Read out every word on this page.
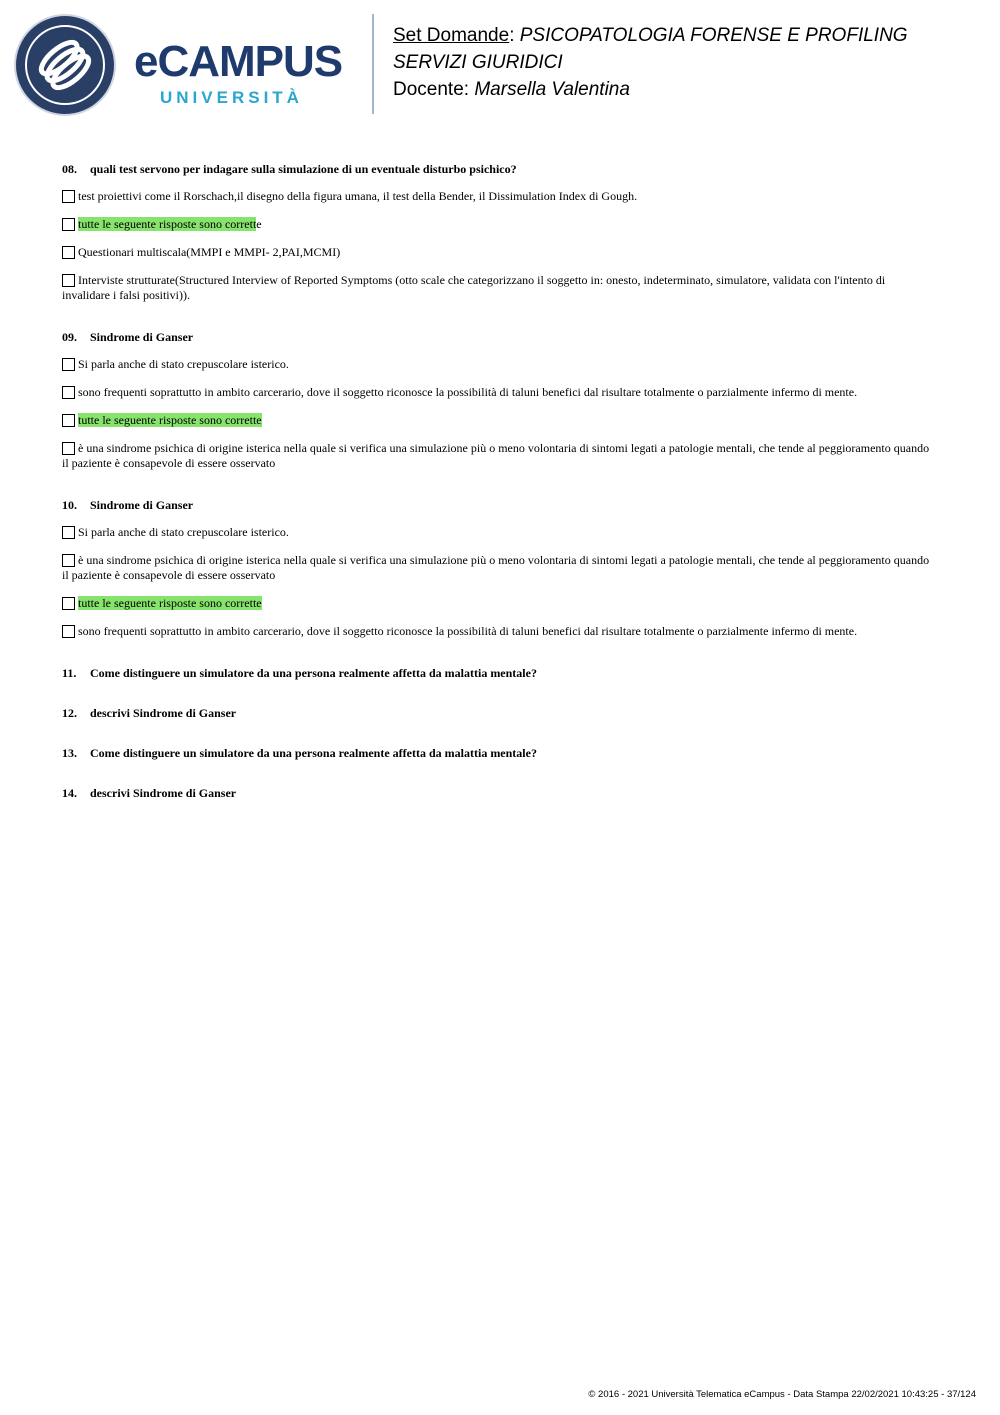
eCAMPUS
UNIVERSITÀ
Set Domande: PSICOPATOLOGIA FORENSE E PROFILING SERVIZI GIURIDICI
Docente: Marsella Valentina
08. quali test servono per indagare sulla simulazione di un eventuale disturbo psichico?
test proiettivi come il Rorschach,il disegno della figura umana, il test della Bender, il Dissimulation Index di Gough.
tutte le seguente risposte sono corrette
Questionari multiscala(MMPI e MMPI- 2,PAI,MCMI)
Interviste strutturate(Structured Interview of Reported Symptoms (otto scale che categorizzano il soggetto in: onesto, indeterminato, simulatore, validata con l'intento di invalidare i falsi positivi)).
09. Sindrome di Ganser
Si parla anche di stato crepuscolare isterico.
sono frequenti soprattutto in ambito carcerario, dove il soggetto riconosce la possibilità di taluni benefici dal risultare totalmente o parzialmente infermo di mente.
tutte le seguente risposte sono corrette
è una sindrome psichica di origine isterica nella quale si verifica una simulazione più o meno volontaria di sintomi legati a patologie mentali, che tende al peggioramento quando il paziente è consapevole di essere osservato
10. Sindrome di Ganser
Si parla anche di stato crepuscolare isterico.
è una sindrome psichica di origine isterica nella quale si verifica una simulazione più o meno volontaria di sintomi legati a patologie mentali, che tende al peggioramento quando il paziente è consapevole di essere osservato
tutte le seguente risposte sono corrette
sono frequenti soprattutto in ambito carcerario, dove il soggetto riconosce la possibilità di taluni benefici dal risultare totalmente o parzialmente infermo di mente.
11. Come distinguere un simulatore da una persona realmente affetta da malattia mentale?
12. descrivi Sindrome di Ganser
13. Come distinguere un simulatore da una persona realmente affetta da malattia mentale?
14. descrivi Sindrome di Ganser
© 2016 - 2021 Università Telematica eCampus - Data Stampa 22/02/2021 10:43:25 - 37/124
